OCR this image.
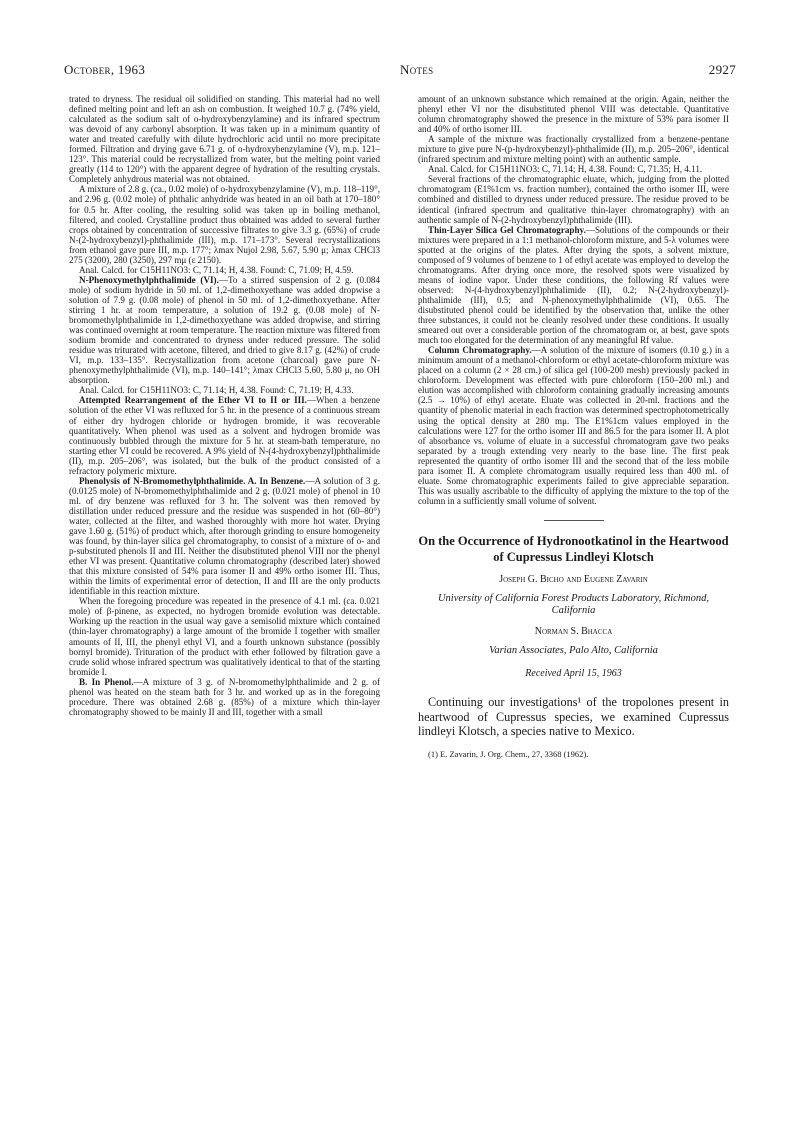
October, 1963	Notes	2927

trated to dryness. The residual oil solidified on standing. This material had no well defined melting point and left an ash on combustion. It weighed 10.7 g. (74% yield, calculated as the sodium salt of o-hydroxybenzylamine) and its infrared spectrum was devoid of any carbonyl absorption. It was taken up in a minimum quantity of water and treated carefully with dilute hydrochloric acid until no more precipitate formed. Filtration and drying gave 6.71 g. of o-hydroxybenzylamine (V), m.p. 121–123°. This material could be recrystallized from water, but the melting point varied greatly (114 to 120°) with the apparent degree of hydration of the resulting crystals. Completely anhydrous material was not obtained.

A mixture of 2.8 g. (ca., 0.02 mole) of o-hydroxybenzylamine (V), m.p. 118–119°, and 2.96 g. (0.02 mole) of phthalic anhydride was heated in an oil bath at 170–180° for 0.5 hr. After cooling, the resulting solid was taken up in boiling methanol, filtered, and cooled. Crystalline product thus obtained was added to several further crops obtained by concentration of successive filtrates to give 3.3 g. (65%) of crude N-(2-hydroxybenzyl)-phthalimide (III), m.p. 171–173°. Several recrystallizations from ethanol gave pure III, m.p. 177°; λmax Nujol 2.98, 5.67, 5.90 μ; λmax CHCl3 275 (3200), 280 (3250), 297 mμ (ε 2150).

Anal. Calcd. for C15H11NO3: C, 71.14; H, 4.38. Found: C, 71.09; H, 4.59.

N-Phenoxymethylphthalimide (VI).—To a stirred suspension of 2 g. (0.084 mole) of sodium hydride in 50 ml. of 1,2-dimethoxyethane was added dropwise a solution of 7.9 g. (0.08 mole) of phenol in 50 ml. of 1,2-dimethoxyethane. After stirring 1 hr. at room temperature, a solution of 19.2 g. (0.08 mole) of N-bromomethylphthalimide in 1,2-dimethoxyethane was added dropwise, and stirring was continued overnight at room temperature. The reaction mixture was filtered from sodium bromide and concentrated to dryness under reduced pressure. The solid residue was triturated with acetone, filtered, and dried to give 8.17 g. (42%) of crude VI, m.p. 133–135°. Recrystallization from acetone (charcoal) gave pure N-phenoxymethylphthalimide (VI), m.p. 140–141°; λmax CHCl3 5.60, 5.80 μ, no OH absorption.

Anal. Calcd. for C15H11NO3: C, 71.14; H, 4.38. Found: C, 71.19; H, 4.33.

Attempted Rearrangement of the Ether VI to II or III.—When a benzene solution of the ether VI was refluxed for 5 hr. in the presence of a continuous stream of either dry hydrogen chloride or hydrogen bromide, it was recoverable quantitatively. When phenol was used as a solvent and hydrogen bromide was continuously bubbled through the mixture for 5 hr. at steam-bath temperature, no starting ether VI could be recovered. A 9% yield of N-(4-hydroxybenzyl)phthalimide (II), m.p. 205–206°, was isolated, but the bulk of the product consisted of a refractory polymeric mixture.

Phenolysis of N-Bromomethylphthalimide. A. In Benzene.—A solution of 3 g. (0.0125 mole) of N-bromomethylphthalimide and 2 g. (0.021 mole) of phenol in 10 ml. of dry benzene was refluxed for 3 hr. The solvent was then removed by distillation under reduced pressure and the residue was suspended in hot (60–80°) water, collected at the filter, and washed thoroughly with more hot water. Drying gave 1.60 g. (51%) of product which, after thorough grinding to ensure homogeneity was found, by thin-layer silica gel chromatography, to consist of a mixture of o- and p-substituted phenols II and III. Neither the disubstituted phenol VIII nor the phenyl ether VI was present. Quantitative column chromatography (described later) showed that this mixture consisted of 54% para isomer II and 49% ortho isomer III. Thus, within the limits of experimental error of detection, II and III are the only products identifiable in this reaction mixture.

When the foregoing procedure was repeated in the presence of 4.1 ml. (ca. 0.021 mole) of β-pinene, as expected, no hydrogen bromide evolution was detectable. Working up the reaction in the usual way gave a semisolid mixture which contained (thin-layer chromatography) a large amount of the bromide I together with smaller amounts of II, III, the phenyl ethyl VI, and a fourth unknown substance (possibly bornyl bromide). Trituration of the product with ether followed by filtration gave a crude solid whose infrared spectrum was qualitatively identical to that of the starting bromide I.

B. In Phenol.—A mixture of 3 g. of N-bromomethylphthalimide and 2 g. of phenol was heated on the steam bath for 3 hr. and worked up as in the foregoing procedure. There was obtained 2.68 g. (85%) of a mixture which thin-layer chromatography showed to be mainly II and III, together with a small

amount of an unknown substance which remained at the origin. Again, neither the phenyl ether VI nor the disubstituted phenol VIII was detectable. Quantitative column chromatography showed the presence in the mixture of 53% para isomer II and 40% of ortho isomer III.

A sample of the mixture was fractionally crystallized from a benzene-pentane mixture to give pure N-(p-hydroxybenzyl)-phthalimide (II), m.p. 205–206°, identical (infrared spectrum and mixture melting point) with an authentic sample.

Anal. Calcd. for C15H11NO3: C, 71.14; H, 4.38. Found: C, 71.35; H, 4.11.

Several fractions of the chromatographic eluate, which, judging from the plotted chromatogram (E1%1cm vs. fraction number), contained the ortho isomer III, were combined and distilled to dryness under reduced pressure. The residue proved to be identical (infrared spectrum and qualitative thin-layer chromatography) with an authentic sample of N-(2-hydroxybenzyl)phthalimide (III).

Thin-Layer Silica Gel Chromatography.—Solutions of the compounds or their mixtures were prepared in a 1:1 methanol-chloroform mixture, and 5-λ volumes were spotted at the origins of the plates. After drying the spots, a solvent mixture, composed of 9 volumes of benzene to 1 of ethyl acetate was employed to develop the chromatograms. After drying once more, the resolved spots were visualized by means of iodine vapor. Under these conditions, the following Rf values were observed: N-(4-hydroxybenzyl)phthalimide (II), 0.2; N-(2-hydroxybenzyl)-phthalimide (III), 0.5; and N-phenoxymethylphthalimide (VI), 0.65. The disubstituted phenol could be identified by the observation that, unlike the other three substances, it could not be cleanly resolved under these conditions. It usually smeared out over a considerable portion of the chromatogram or, at best, gave spots much too elongated for the determination of any meaningful Rf value.

Column Chromatography.—A solution of the mixture of isomers (0.10 g.) in a minimum amount of a methanol-chloroform or ethyl acetate-chloroform mixture was placed on a column (2 × 28 cm.) of silica gel (100-200 mesh) previously packed in chloroform. Development was effected with pure chloroform (150–200 ml.) and elution was accomplished with chloroform containing gradually increasing amounts (2.5 → 10%) of ethyl acetate. Eluate was collected in 20-ml. fractions and the quantity of phenolic material in each fraction was determined spectrophotometrically using the optical density at 280 mμ. The E1%1cm values employed in the calculations were 127 for the ortho isomer III and 86.5 for the para isomer II. A plot of absorbance vs. volume of eluate in a successful chromatogram gave two peaks separated by a trough extending very nearly to the base line. The first peak represented the quantity of ortho isomer III and the second that of the less mobile para isomer II. A complete chromatogram usually required less than 400 ml. of eluate. Some chromatographic experiments failed to give appreciable separation. This was usually ascribable to the difficulty of applying the mixture to the top of the column in a sufficiently small volume of solvent.

On the Occurrence of Hydronootkatinol in the Heartwood of Cupressus Lindleyi Klotsch
Joseph G. Bicho and Eugene Zavarin
University of California Forest Products Laboratory, Richmond, California
Norman S. Bhacca
Varian Associates, Palo Alto, California
Received April 15, 1963

Continuing our investigations¹ of the tropolones present in heartwood of Cupressus species, we examined Cupressus lindleyi Klotsch, a species native to Mexico.

(1) E. Zavarin, J. Org. Chem., 27, 3368 (1962).
